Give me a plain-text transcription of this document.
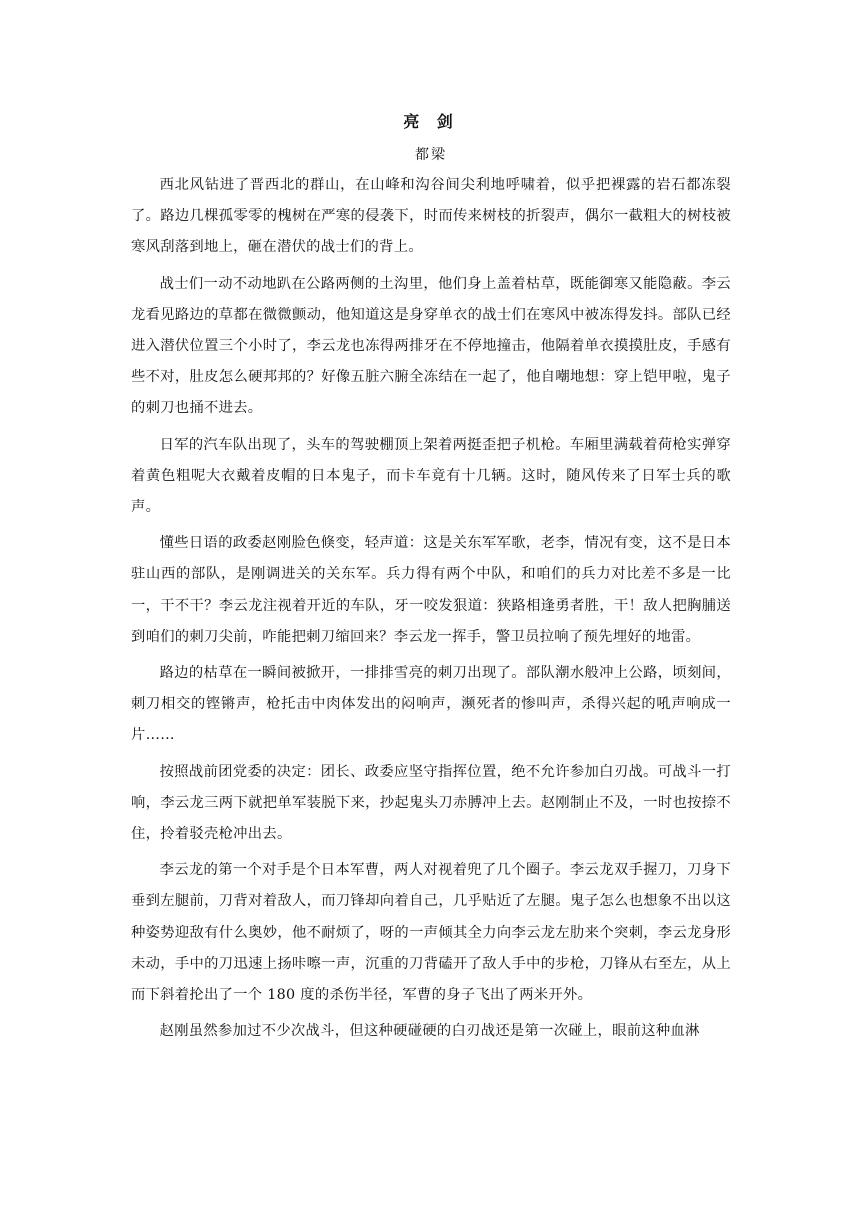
亮 剑
都梁

西北风钻进了晋西北的群山，在山峰和沟谷间尖利地呼啸着，似乎把裸露的岩石都冻裂了。路边几棵孤零零的槐树在严寒的侵袭下，时而传来树枝的折裂声，偶尔一截粗大的树枝被寒风刮落到地上，砸在潜伏的战士们的背上。

战士们一动不动地趴在公路两侧的土沟里，他们身上盖着枯草，既能御寒又能隐蔽。李云龙看见路边的草都在微微颤动，他知道这是身穿单衣的战士们在寒风中被冻得发抖。部队已经进入潜伏位置三个小时了，李云龙也冻得两排牙在不停地撞击，他隔着单衣摸摸肚皮，手感有些不对，肚皮怎么硬邦邦的？好像五脏六腑全冻结在一起了，他自嘲地想：穿上铠甲啦，鬼子的刺刀也捅不进去。

日军的汽车队出现了，头车的驾驶棚顶上架着两挺歪把子机枪。车厢里满载着荷枪实弹穿着黄色粗呢大衣戴着皮帽的日本鬼子，而卡车竟有十几辆。这时，随风传来了日军士兵的歌声。

懂些日语的政委赵刚脸色倏变，轻声道：这是关东军军歌，老李，情况有变，这不是日本驻山西的部队，是刚调进关的关东军。兵力得有两个中队，和咱们的兵力对比差不多是一比一，干不干？李云龙注视着开近的车队，牙一咬发狠道：狭路相逢勇者胜，干！敌人把胸脯送到咱们的刺刀尖前，咋能把刺刀缩回来？李云龙一挥手，警卫员拉响了预先埋好的地雷。

路边的枯草在一瞬间被掀开，一排排雪亮的刺刀出现了。部队潮水般冲上公路，顷刻间，刺刀相交的铿锵声，枪托击中肉体发出的闷响声，濒死者的惨叫声，杀得兴起的吼声响成一片……

按照战前团党委的决定：团长、政委应坚守指挥位置，绝不允许参加白刃战。可战斗一打响，李云龙三两下就把单军装脱下来，抄起鬼头刀赤膊冲上去。赵刚制止不及，一时也按捺不住，拎着驳壳枪冲出去。

李云龙的第一个对手是个日本军曹，两人对视着兜了几个圈子。李云龙双手握刀，刀身下垂到左腿前，刀背对着敌人，而刀锋却向着自己，几乎贴近了左腿。鬼子怎么也想象不出以这种姿势迎敌有什么奥妙，他不耐烦了，呀的一声倾其全力向李云龙左肋来个突刺，李云龙身形未动，手中的刀迅速上扬咔嚓一声，沉重的刀背磕开了敌人手中的步枪，刀锋从右至左，从上而下斜着抡出了一个 180 度的杀伤半径，军曹的身子飞出了两米开外。

赵刚虽然参加过不少次战斗，但这种硬碰硬的白刃战还是第一次碰上，眼前这种血淋
